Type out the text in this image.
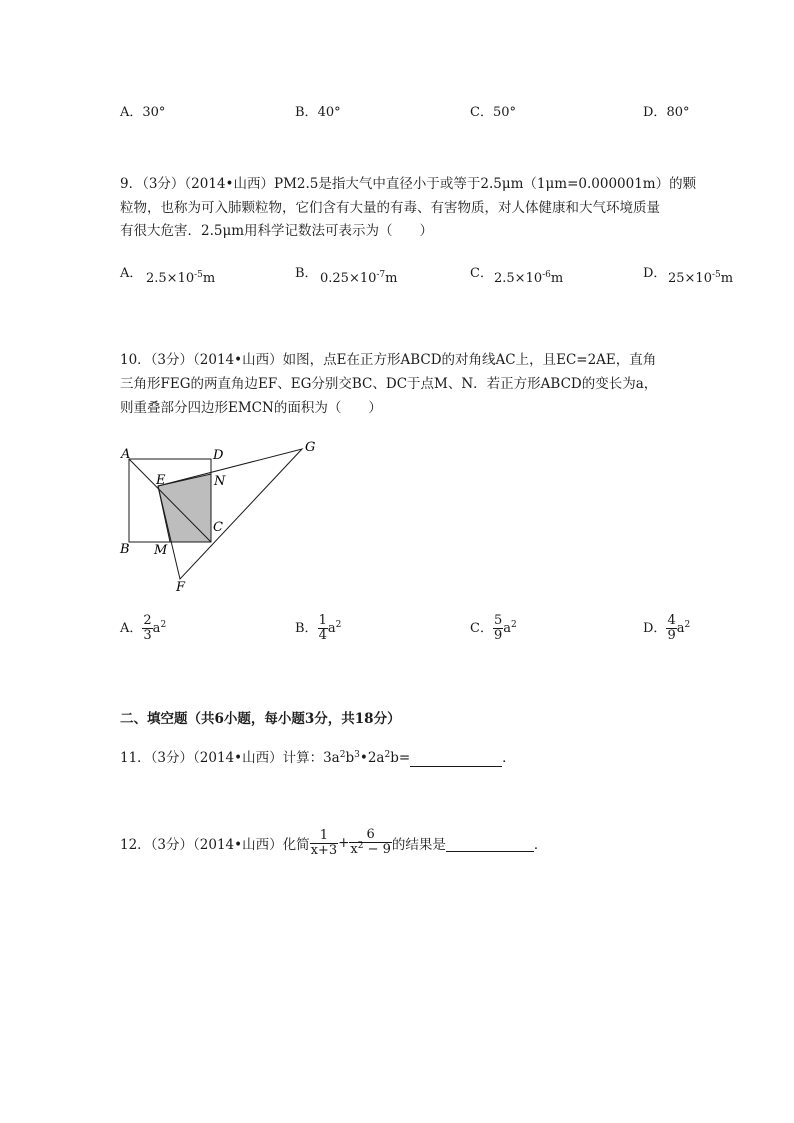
A．30°	B．40°	C．50°	D．80°
9．（3分）（2014•山西）PM2.5是指大气中直径小于或等于2.5μm（1μm=0.000001m）的颗
粒物，也称为可入肺颗粒物，它们含有大量的有毒、有害物质，对人体健康和大气环境质量
有很大危害．2.5μm用科学记数法可表示为（　　）
A． $2.5\times 10^{-5}m$	B． $0.25\times 10^{-7}m$	C． $2.5\times 10^{-6}m$	D． $25\times 10^{-5}m$
10．（3分）（2014•山西）如图，点E在正方形ABCD的对角线AC上，且EC=2AE，直角
三角形FEG的两直角边EF、EG分别交BC、DC于点M、N．若正方形ABCD的变长为a，
则重叠部分四边形EMCN的面积为（　　）
A	D
G
E	N
C
B M
F
A． $\frac{2}{3} a^2$	B． $\frac{1}{4} a^2$	C． $\frac{5}{9} a^2$	D． $\frac{4}{9} a^2$
二、填空题（共6小题，每小题3分，共18分）
11．（3分）（2014•山西）计算：$3a^2b^3•2a^2b=$	．
12．（3分）（2014•山西）化简 $\frac{1}{x+3} + \frac{6}{x^2 - 9}$ 的结果是	．
